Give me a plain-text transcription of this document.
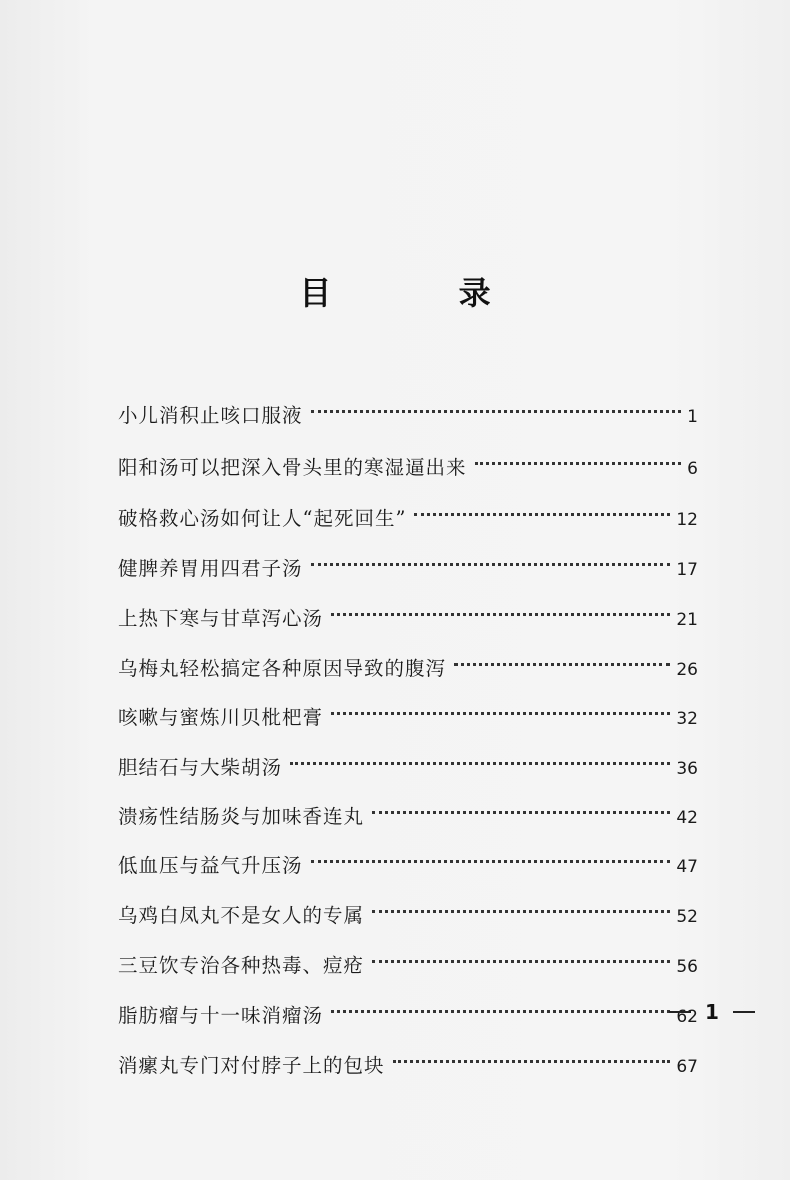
目 录
小儿消积止咳口服液	1
阳和汤可以把深入骨头里的寒湿逼出来	6
破格救心汤如何让人“起死回生”	12
健脾养胃用四君子汤	17
上热下寒与甘草泻心汤	21
乌梅丸轻松搞定各种原因导致的腹泻	26
咳嗽与蜜炼川贝枇杷膏	32
胆结石与大柴胡汤	36
溃疡性结肠炎与加味香连丸	42
低血压与益气升压汤	47
乌鸡白凤丸不是女人的专属	52
三豆饮专治各种热毒、痘疮	56
脂肪瘤与十一味消瘤汤	62
消瘰丸专门对付脖子上的包块	67
1
